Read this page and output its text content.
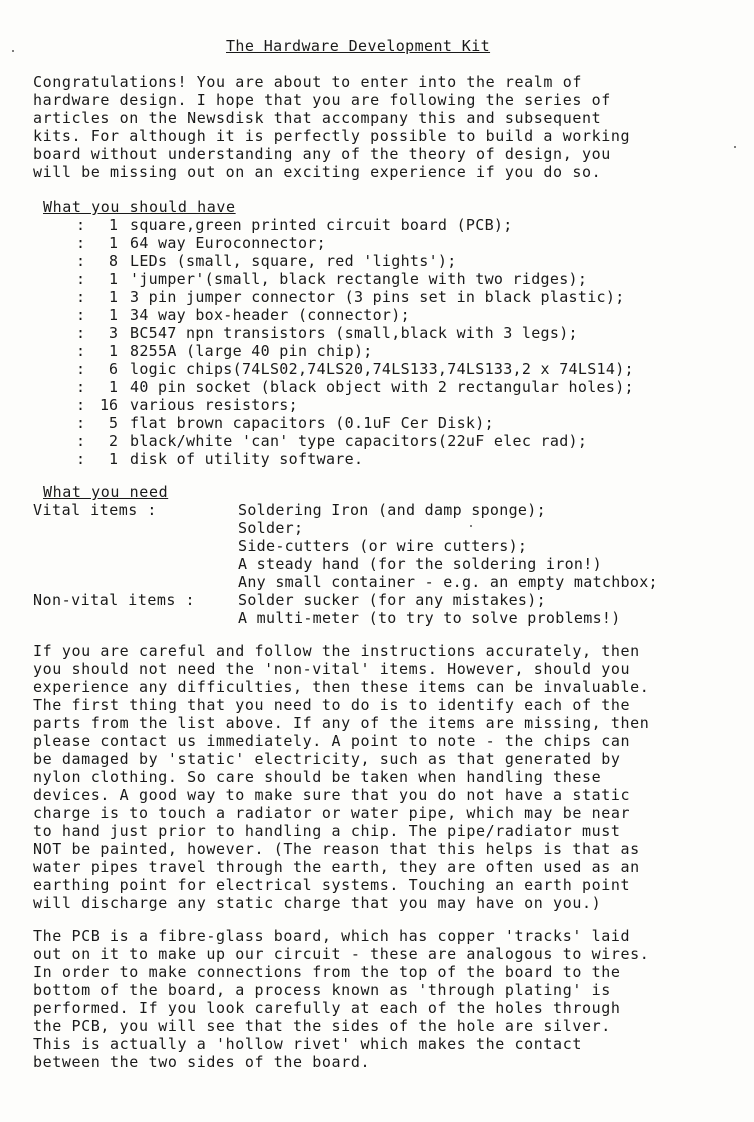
The Hardware Development Kit
Congratulations! You are about to enter into the realm of
hardware design. I hope that you are following the series of
articles on the Newsdisk that accompany this and subsequent
kits. For although it is perfectly possible to build a working
board without understanding any of the theory of design, you
will be missing out on an exciting experience if you do so.
What you should have
:	1 square,green printed circuit board (PCB);
:	1 64 way Euroconnector;
:	8 LEDs (small, square, red 'lights');
:	1 'jumper'(small, black rectangle with two ridges);
:	1 3 pin jumper connector (3 pins set in black plastic);
:	1 34 way box-header (connector);
:	3 BC547 npn transistors (small,black with 3 legs);
:	1 8255A (large 40 pin chip);
:	6 logic chips(74LS02,74LS20,74LS133,74LS133,2 x 74LS14);
:	1 40 pin socket (black object with 2 rectangular holes);
: 16 various resistors;
:	5 flat brown capacitors (0.1uF Cer Disk);
:	2 black/white 'can' type capacitors(22uF elec rad);
:	1 disk of utility software.
What you need
Vital items :	Soldering Iron (and damp sponge);
Solder;
Side-cutters (or wire cutters);
A steady hand (for the soldering iron!)
Any small container - e.g. an empty matchbox;
Non-vital items :	Solder sucker (for any mistakes);
A multi-meter (to try to solve problems!)
If you are careful and follow the instructions accurately, then
you should not need the 'non-vital' items. However, should you
experience any difficulties, then these items can be invaluable.
The first thing that you need to do is to identify each of the
parts from the list above. If any of the items are missing, then
please contact us immediately. A point to note - the chips can
be damaged by 'static' electricity, such as that generated by
nylon clothing. So care should be taken when handling these
devices. A good way to make sure that you do not have a static
charge is to touch a radiator or water pipe, which may be near
to hand just prior to handling a chip. The pipe/radiator must
NOT be painted, however. (The reason that this helps is that as
water pipes travel through the earth, they are often used as an
earthing point for electrical systems. Touching an earth point
will discharge any static charge that you may have on you.)
The PCB is a fibre-glass board, which has copper 'tracks' laid
out on it to make up our circuit - these are analogous to wires.
In order to make connections from the top of the board to the
bottom of the board, a process known as 'through plating' is
performed. If you look carefully at each of the holes through
the PCB, you will see that the sides of the hole are silver.
This is actually a 'hollow rivet' which makes the contact
between the two sides of the board.
